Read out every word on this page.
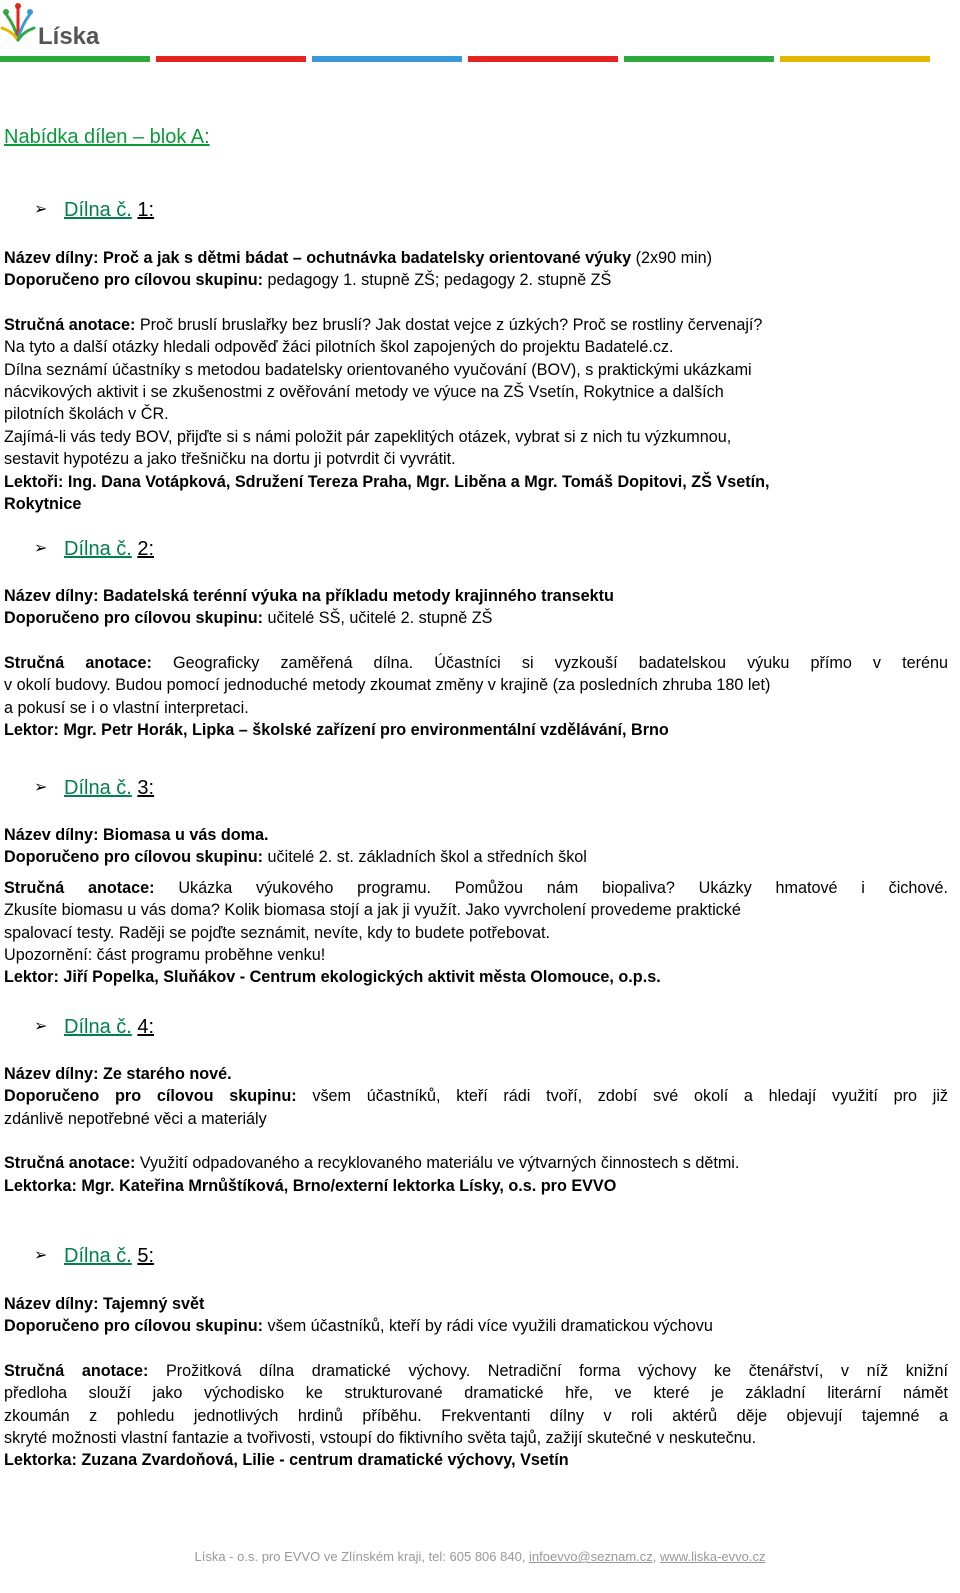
Líska
Nabídka dílen – blok A:
➢ Dílna č.
1:
Název dílny: Proč a jak s dětmi bádat – ochutnávka badatelsky orientované výuky (2x90 min)
Doporučeno pro cílovou skupinu: pedagogy 1. stupně ZŠ; pedagogy 2. stupně ZŠ
Stručná anotace: Proč bruslí bruslařky bez bruslí? Jak dostat vejce z úzkých? Proč se rostliny červenají?
Na tyto a další otázky hledali odpověď žáci pilotních škol zapojených do projektu Badatelé.cz.
Dílna seznámí účastníky s metodou badatelsky orientovaného vyučování (BOV), s praktickými ukázkami
nácvikových aktivit i se zkušenostmi z ověřování metody ve výuce na ZŠ Vsetín, Rokytnice a dalších
pilotních školách v ČR.
Zajímá-li vás tedy BOV, přijďte si s námi položit pár zapeklitých otázek, vybrat si z nich tu výzkumnou,
sestavit hypotézu a jako třešničku na dortu ji potvrdit či vyvrátit.
Lektoři: Ing. Dana Votápková, Sdružení Tereza Praha, Mgr. Liběna a Mgr. Tomáš Dopitovi, ZŠ Vsetín,
Rokytnice
➢ Dílna č.
2:
Název dílny: Badatelská terénní výuka na příkladu metody krajinného transektu
Doporučeno pro cílovou skupinu: učitelé SŠ, učitelé 2. stupně ZŠ
Stručná anotace: Geograficky zaměřená dílna. Účastníci si vyzkouší badatelskou výuku přímo v terénu
v okolí budovy. Budou pomocí jednoduché metody zkoumat změny v krajině (za posledních zhruba 180 let)
a pokusí se i o vlastní interpretaci.
Lektor: Mgr. Petr Horák, Lipka – školské zařízení pro environmentální vzdělávání, Brno
➢ Dílna č.
3:
Název dílny: Biomasa u vás doma.
Doporučeno pro cílovou skupinu: učitelé 2. st. základních škol a středních škol
Stručná anotace: Ukázka výukového programu. Pomůžou nám biopaliva? Ukázky hmatové i čichové.
Zkusíte biomasu u vás doma? Kolik biomasa stojí a jak ji využít. Jako vyvrcholení provedeme praktické
spalovací testy. Raději se pojďte seznámit, nevíte, kdy to budete potřebovat.
Upozornění: část programu proběhne venku!
Lektor: Jiří Popelka, Sluňákov - Centrum ekologických aktivit města Olomouce, o.p.s.
➢ Dílna č.
4:
Název dílny: Ze starého nové.
Doporučeno pro cílovou skupinu: všem účastníků, kteří rádi tvoří, zdobí své okolí a hledají využití pro již
zdánlivě nepotřebné věci a materiály
Stručná anotace: Využití odpadovaného a recyklovaného materiálu ve výtvarných činnostech s dětmi.
Lektorka: Mgr. Kateřina Mrnůštíková, Brno/externí lektorka Lísky, o.s. pro EVVO
➢ Dílna č.
5:
Název dílny: Tajemný svět
Doporučeno pro cílovou skupinu: všem účastníků, kteří by rádi více využili dramatickou výchovu
Stručná anotace: Prožitková dílna dramatické výchovy. Netradiční forma výchovy ke čtenářství, v níž knižní
předloha slouží jako východisko ke strukturované dramatické hře, ve které je základní literární námět
zkoumán z pohledu jednotlivých hrdinů příběhu. Frekventanti dílny v roli aktérů děje objevují tajemné a
skryté možnosti vlastní fantazie a tvořivosti, vstoupí do fiktivního světa tajů, zažijí skutečné v neskutečnu.
Lektorka: Zuzana Zvardoňová, Lilie - centrum dramatické výchovy, Vsetín
Líska - o.s. pro EVVO ve Zlínském kraji, tel: 605 806 840, infoevvo@seznam.cz, www.liska-evvo.cz
